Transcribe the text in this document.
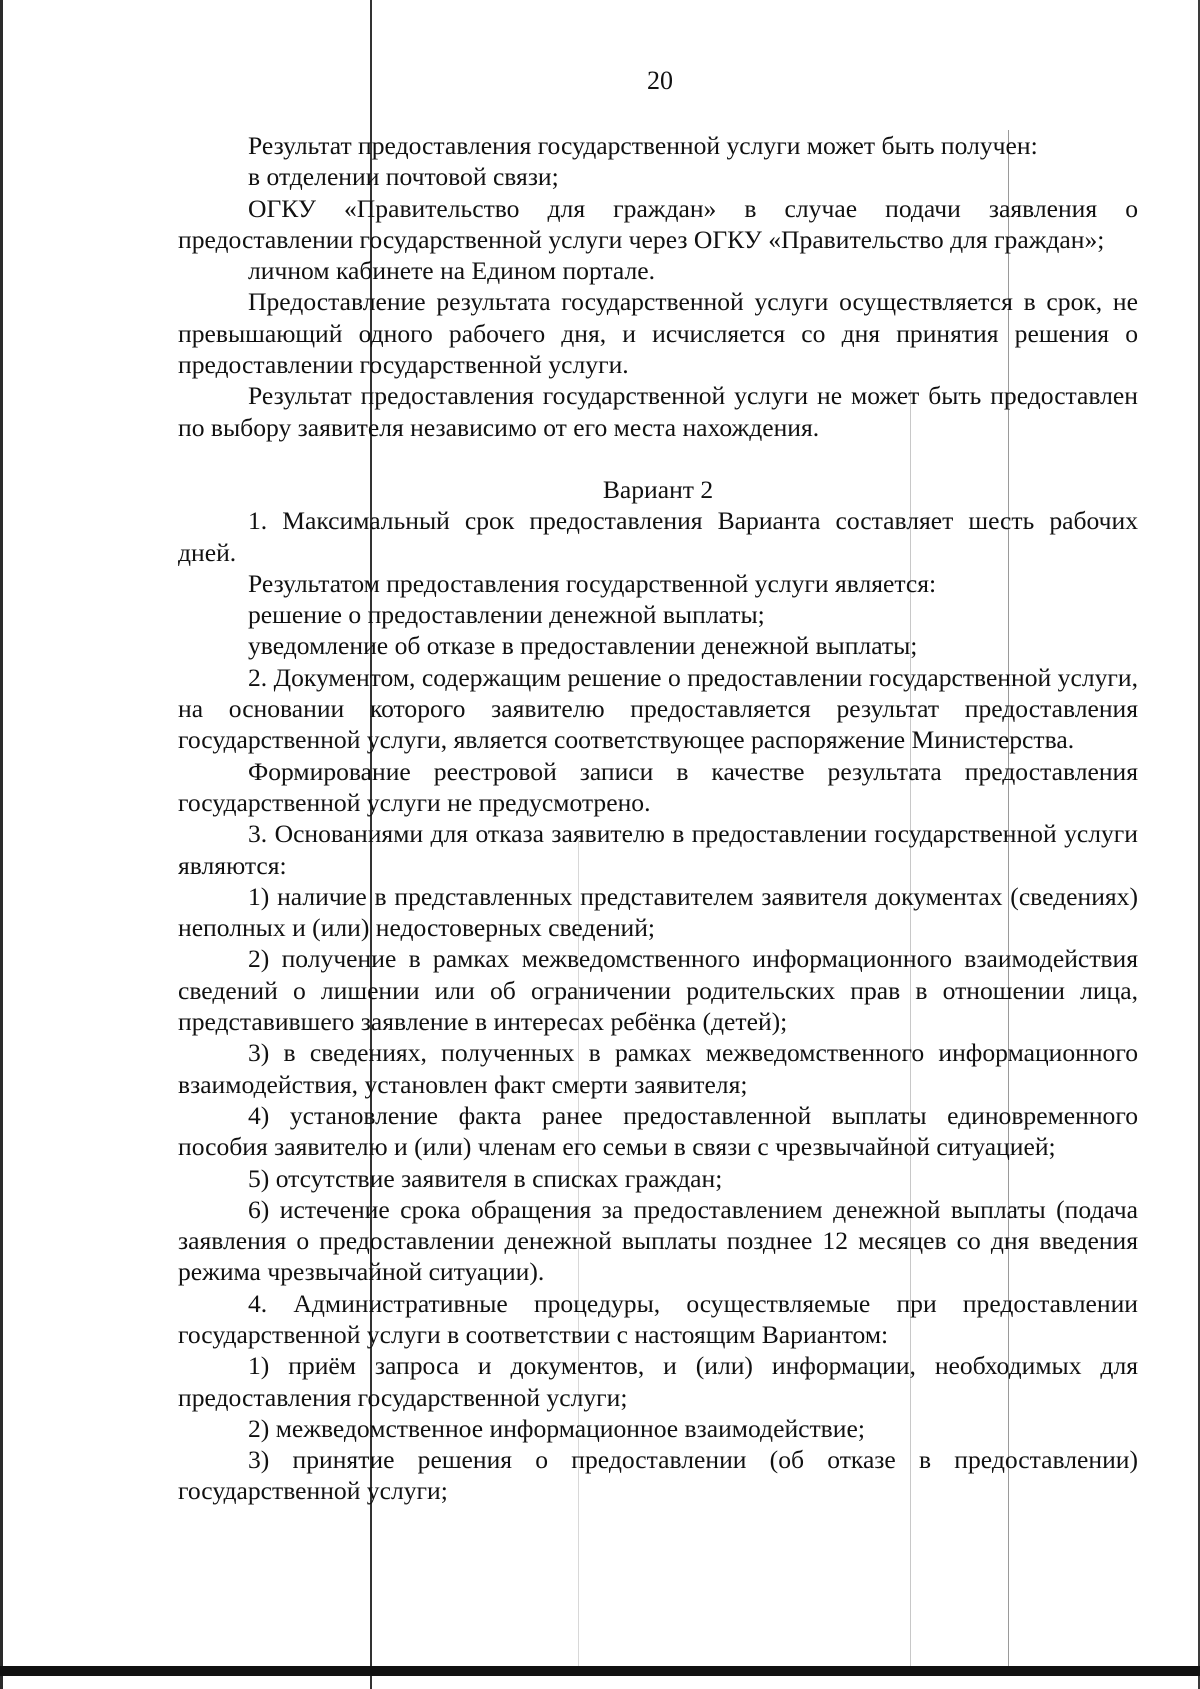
20

Результат предоставления государственной услуги может быть получен:

в отделении почтовой связи;

ОГКУ «Правительство для граждан» в случае подачи заявления о предоставлении государственной услуги через ОГКУ «Правительство для граждан»;

личном кабинете на Едином портале.

Предоставление результата государственной услуги осуществляется в срок, не превышающий одного рабочего дня, и исчисляется со дня принятия решения о предоставлении государственной услуги.

Результат предоставления государственной услуги не может быть предоставлен по выбору заявителя независимо от его места нахождения.

Вариант 2

1. Максимальный срок предоставления Варианта составляет шесть рабочих дней.

Результатом предоставления государственной услуги является:

решение о предоставлении денежной выплаты;

уведомление об отказе в предоставлении денежной выплаты;

2. Документом, содержащим решение о предоставлении государственной услуги, на основании которого заявителю предоставляется результат предоставления государственной услуги, является соответствующее распоряжение Министерства.

Формирование реестровой записи в качестве результата предоставления государственной услуги не предусмотрено.

3. Основаниями для отказа заявителю в предоставлении государственной услуги являются:

1) наличие в представленных представителем заявителя документах (сведениях) неполных и (или) недостоверных сведений;

2) получение в рамках межведомственного информационного взаимодействия сведений о лишении или об ограничении родительских прав в отношении лица, представившего заявление в интересах ребёнка (детей);

3) в сведениях, полученных в рамках межведомственного информационного взаимодействия, установлен факт смерти заявителя;

4) установление факта ранее предоставленной выплаты единовременного пособия заявителю и (или) членам его семьи в связи с чрезвычайной ситуацией;

5) отсутствие заявителя в списках граждан;

6) истечение срока обращения за предоставлением денежной выплаты (подача заявления о предоставлении денежной выплаты позднее 12 месяцев со дня введения режима чрезвычайной ситуации).

4. Административные процедуры, осуществляемые при предоставлении государственной услуги в соответствии с настоящим Вариантом:

1) приём запроса и документов, и (или) информации, необходимых для предоставления государственной услуги;

2) межведомственное информационное взаимодействие;

3) принятие решения о предоставлении (об отказе в предоставлении) государственной услуги;
